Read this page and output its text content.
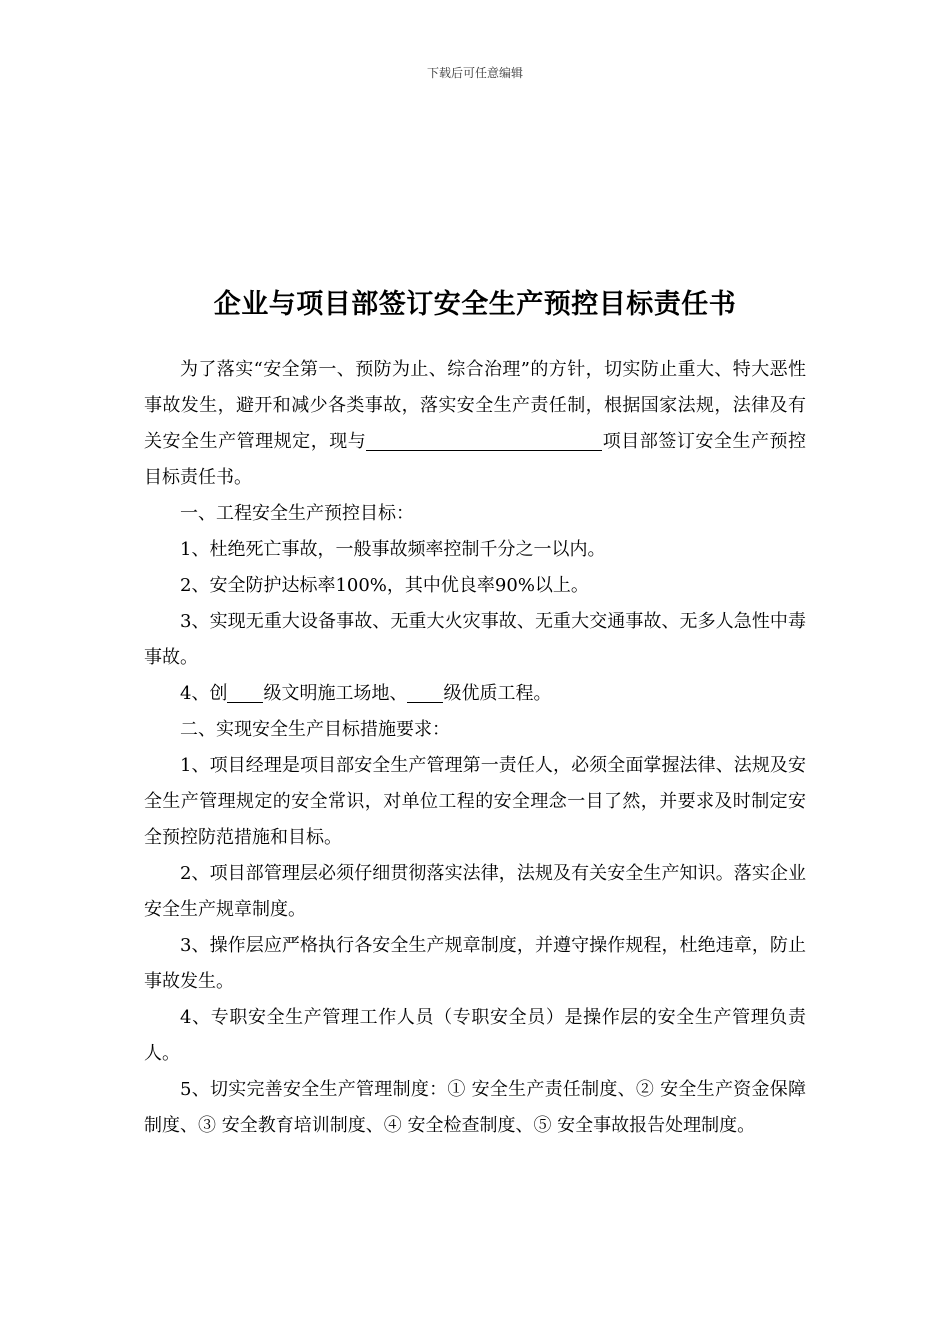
下载后可任意编辑
企业与项目部签订安全生产预控目标责任书

为了落实“安全第一、预防为止、综合治理”的方针，切实防止重大、特大恶性事故发生，避开和减少各类事故，落实安全生产责任制，根据国家法规，法律及有关安全生产管理规定，现与	项目部签订安全生产预控目标责任书。

一、工程安全生产预控目标：

1、杜绝死亡事故，一般事故频率控制千分之一以内。

2、安全防护达标率100%，其中优良率90%以上。

3、实现无重大设备事故、无重大火灾事故、无重大交通事故、无多人急性中毒事故。

4、创 级文明施工场地、 级优质工程。

二、实现安全生产目标措施要求：

1、项目经理是项目部安全生产管理第一责任人，必须全面掌握法律、法规及安全生产管理规定的安全常识，对单位工程的安全理念一目了然，并要求及时制定安全预控防范措施和目标。

2、项目部管理层必须仔细贯彻落实法律，法规及有关安全生产知识。落实企业安全生产规章制度。

3、操作层应严格执行各安全生产规章制度，并遵守操作规程，杜绝违章，防止事故发生。

4、专职安全生产管理工作人员（专职安全员）是操作层的安全生产管理负责人。

5、切实完善安全生产管理制度：① 安全生产责任制度、② 安全生产资金保障制度、③ 安全教育培训制度、④ 安全检查制度、⑤ 安全事故报告处理制度。
